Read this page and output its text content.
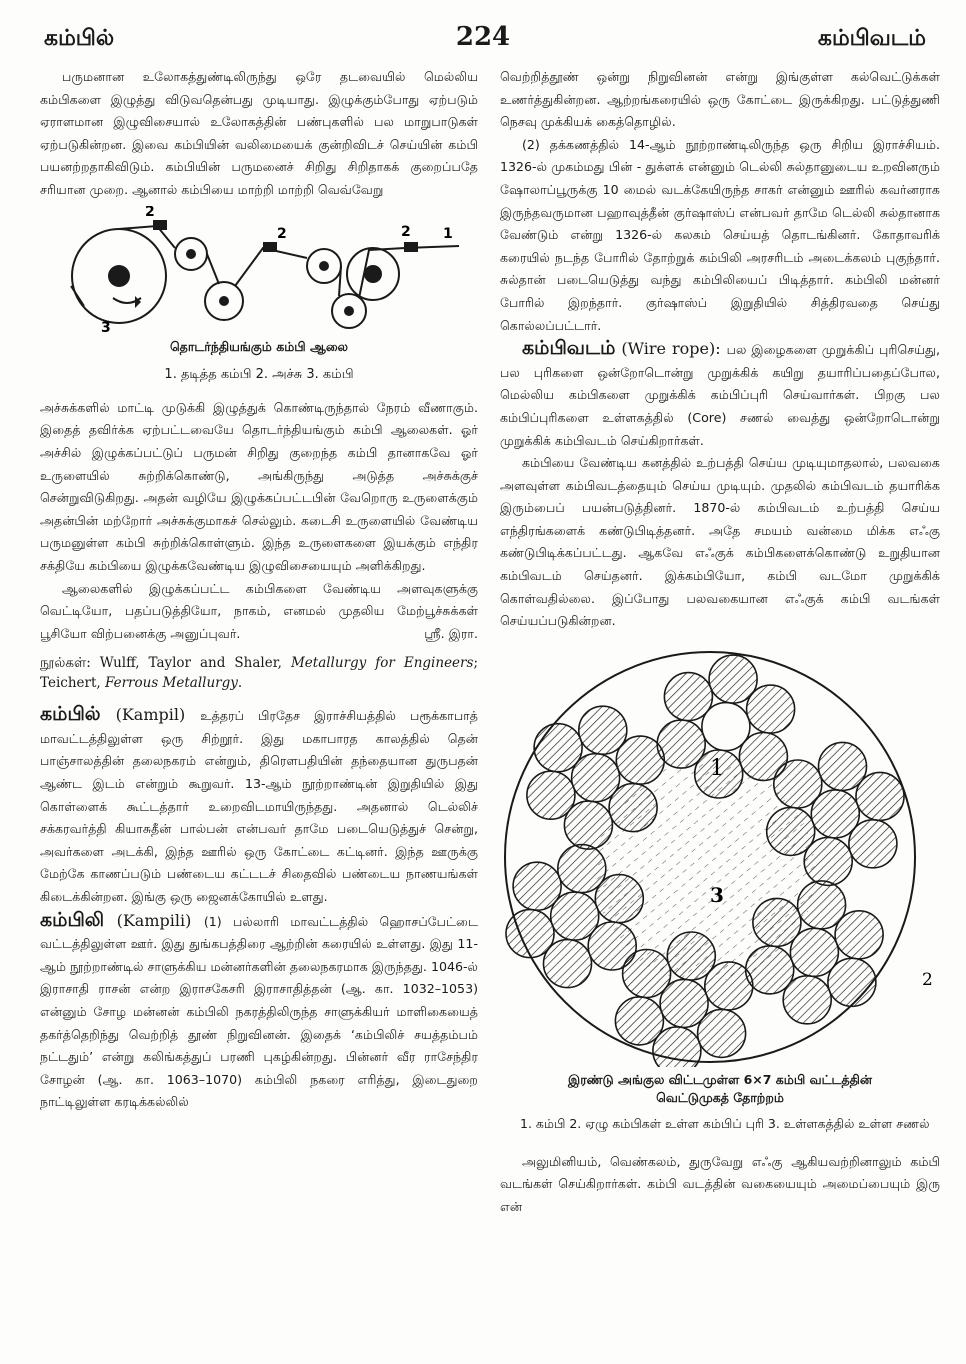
கம்பில்	224	கம்பிவடம்

பருமனான உலோகத்துண்டிலிருந்து ஒரே தடவையில் மெல்லிய கம்பிகளை இழுத்து விடுவதென்பது முடியாது. இழுக்கும்போது ஏற்படும் ஏராளமான இழுவிசையால் உலோகத்தின் பண்புகளில் பல மாறுபாடுகள் ஏற்படுகின்றன. இவை கம்பியின் வலிமையைக் குன்றிவிடச் செய்யின் கம்பி பயனற்றதாகிவிடும். கம்பியின் பருமனைச் சிறிது சிறிதாகக் குறைப்பதே சரியான முறை. ஆனால் கம்பியை மாற்றி மாற்றி வெவ்வேறு

2
2	2 1
3
தொடர்ந்தியங்கும் கம்பி ஆலை
1. தடித்த கம்பி 2. அச்சு 3. கம்பி

அச்சுக்களில் மாட்டி முடுக்கி இழுத்துக் கொண்டிருந்தால் நேரம் வீணாகும். இதைத் தவிர்க்க ஏற்பட்டவையே தொடர்ந்தியங்கும் கம்பி ஆலைகள். ஓர் அச்சில் இழுக்கப்பட்டுப் பருமன் சிறிது குறைந்த கம்பி தானாகவே ஓர் உருளையில் சுற்றிக்கொண்டு, அங்கிருந்து அடுத்த அச்சுக்குச் சென்றுவிடுகிறது. அதன் வழியே இழுக்கப்பட்டபின் வேறொரு உருளைக்கும் அதன்பின் மற்றோர் அச்சுக்குமாகச் செல்லும். கடைசி உருளையில் வேண்டிய பருமனுள்ள கம்பி சுற்றிக்கொள்ளும். இந்த உருளைகளை இயக்கும் எந்திர சக்தியே கம்பியை இழுக்கவேண்டிய இழுவிசையையும் அளிக்கிறது.

ஆலைகளில் இழுக்கப்பட்ட கம்பிகளை வேண்டிய அளவுகளுக்கு வெட்டியோ, பதப்படுத்தியோ, நாகம், எனமல் முதலிய மேற்பூச்சுக்கள் பூசியோ விற்பனைக்கு அனுப்புவர்.	ஸ்ரீ. இரா.

நூல்கள்: Wulff, Taylor and Shaler, Metallurgy for Engineers; Teichert, Ferrous Metallurgy.

கம்பில் (Kampil) உத்தரப் பிரதேச இராச்சியத்தில் பரூக்காபாத் மாவட்டத்திலுள்ள ஒரு சிற்றூர். இது மகாபாரத காலத்தில் தென் பாஞ்சாலத்தின் தலைநகரம் என்றும், திரௌபதியின் தந்தையான துருபதன் ஆண்ட இடம் என்றும் கூறுவர். 13-ஆம் நூற்றாண்டின் இறுதியில் இது கொள்ளைக் கூட்டத்தார் உறைவிடமாயிருந்தது. அதனால் டெல்லிச் சக்கரவர்த்தி கியாசுதீன் பால்பன் என்பவர் தாமே படையெடுத்துச் சென்று, அவர்களை அடக்கி, இந்த ஊரில் ஒரு கோட்டை கட்டினர். இந்த ஊருக்கு மேற்கே காணப்படும் பண்டைய கட்டடச் சிதைவில் பண்டைய நாணயங்கள் கிடைக்கின்றன. இங்கு ஒரு ஜைனக்கோயில் உளது.

கம்பிலி (Kampili) (1) பல்லாரி மாவட்டத்தில் ஹொசப்பேட்டை வட்டத்திலுள்ள ஊர். இது துங்கபத்திரை ஆற்றின் கரையில் உள்ளது. இது 11-ஆம் நூற்றாண்டில் சாளுக்கிய மன்னர்களின் தலைநகரமாக இருந்தது. 1046-ல் இராசாதி ராசன் என்ற இராசகேசரி இராசாதித்தன் (ஆ. கா. 1032–1053) என்னும் சோழ மன்னன் கம்பிலி நகரத்திலிருந்த சாளுக்கியர் மாளிகையைத் தகர்த்தெறிந்து வெற்றித் தூண் நிறுவினன். இதைக் ‘கம்பிலிச் சயத்தம்பம் நட்டதும்’ என்று கலிங்கத்துப் பரணி புகழ்கின்றது. பின்னர் வீர ராசேந்திர சோழன் (ஆ. கா. 1063–1070) கம்பிலி நகரை எரித்து, இடைதுறை நாட்டிலுள்ள கரடிக்கல்லில்

வெற்றித்தூண் ஒன்று நிறுவினன் என்று இங்குள்ள கல்வெட்டுக்கள் உணர்த்துகின்றன. ஆற்றங்கரையில் ஒரு கோட்டை இருக்கிறது. பட்டுத்துணி நெசவு முக்கியக் கைத்தொழில்.

(2) தக்கணத்தில் 14-ஆம் நூற்றாண்டிலிருந்த ஒரு சிறிய இராச்சியம். 1326-ல் முகம்மது பின் - துக்ளக் என்னும் டெல்லி சுல்தானுடைய உறவினரும் ஷோலாப்பூருக்கு 10 மைல் வடக்கேயிருந்த சாகர் என்னும் ஊரில் கவர்னராக இருந்தவருமான பஹாவுத்தீன் குர்ஷாஸ்ப் என்பவர் தாமே டெல்லி சுல்தானாக வேண்டும் என்று 1326-ல் கலகம் செய்யத் தொடங்கினர். கோதாவரிக் கரையில் நடந்த போரில் தோற்றுக் கம்பிலி அரசரிடம் அடைக்கலம் புகுந்தார். சுல்தான் படையெடுத்து வந்து கம்பிலியைப் பிடித்தார். கம்பிலி மன்னர் போரில் இறந்தார். குர்ஷாஸ்ப் இறுதியில் சித்திரவதை செய்து கொல்லப்பட்டார்.

கம்பிவடம் (Wire rope): பல இழைகளை முறுக்கிப் புரிசெய்து, பல புரிகளை ஒன்றோடொன்று முறுக்கிக் கயிறு தயாரிப்பதைப்போல, மெல்லிய கம்பிகளை முறுக்கிக் கம்பிப்புரி செய்வார்கள். பிறகு பல கம்பிப்புரிகளை உள்ளகத்தில் (Core) சணல் வைத்து ஒன்றோடொன்று முறுக்கிக் கம்பிவடம் செய்கிறார்கள்.

கம்பியை வேண்டிய கனத்தில் உற்பத்தி செய்ய முடியுமாதலால், பலவகை அளவுள்ள கம்பிவடத்தையும் செய்ய முடியும். முதலில் கம்பிவடம் தயாரிக்க இரும்பைப் பயன்படுத்தினர். 1870-ல் கம்பிவடம் உற்பத்தி செய்ய எந்திரங்களைக் கண்டுபிடித்தனர். அதே சமயம் வன்மை மிக்க எஃகு கண்டுபிடிக்கப்பட்டது. ஆகவே எஃகுக் கம்பிகளைக்கொண்டு உறுதியான கம்பிவடம் செய்தனர். இக்கம்பியோ, கம்பி வடமோ முறுக்கிக் கொள்வதில்லை. இப்போது பலவகையான எஃகுக் கம்பி வடங்கள் செய்யப்படுகின்றன.

1
3
2
இரண்டு அங்குல விட்டமுள்ள 6×7 கம்பி வட்டத்தின்
வெட்டுமுகத் தோற்றம்
1. கம்பி 2. ஏழு கம்பிகள் உள்ள கம்பிப் புரி 3. உள்ளகத்தில் உள்ள சணல்

அலுமினியம், வெண்கலம், துருவேறு எஃகு ஆகியவற்றினாலும் கம்பி வடங்கள் செய்கிறார்கள். கம்பி வடத்தின் வகையையும் அமைப்பையும் இரு என்
